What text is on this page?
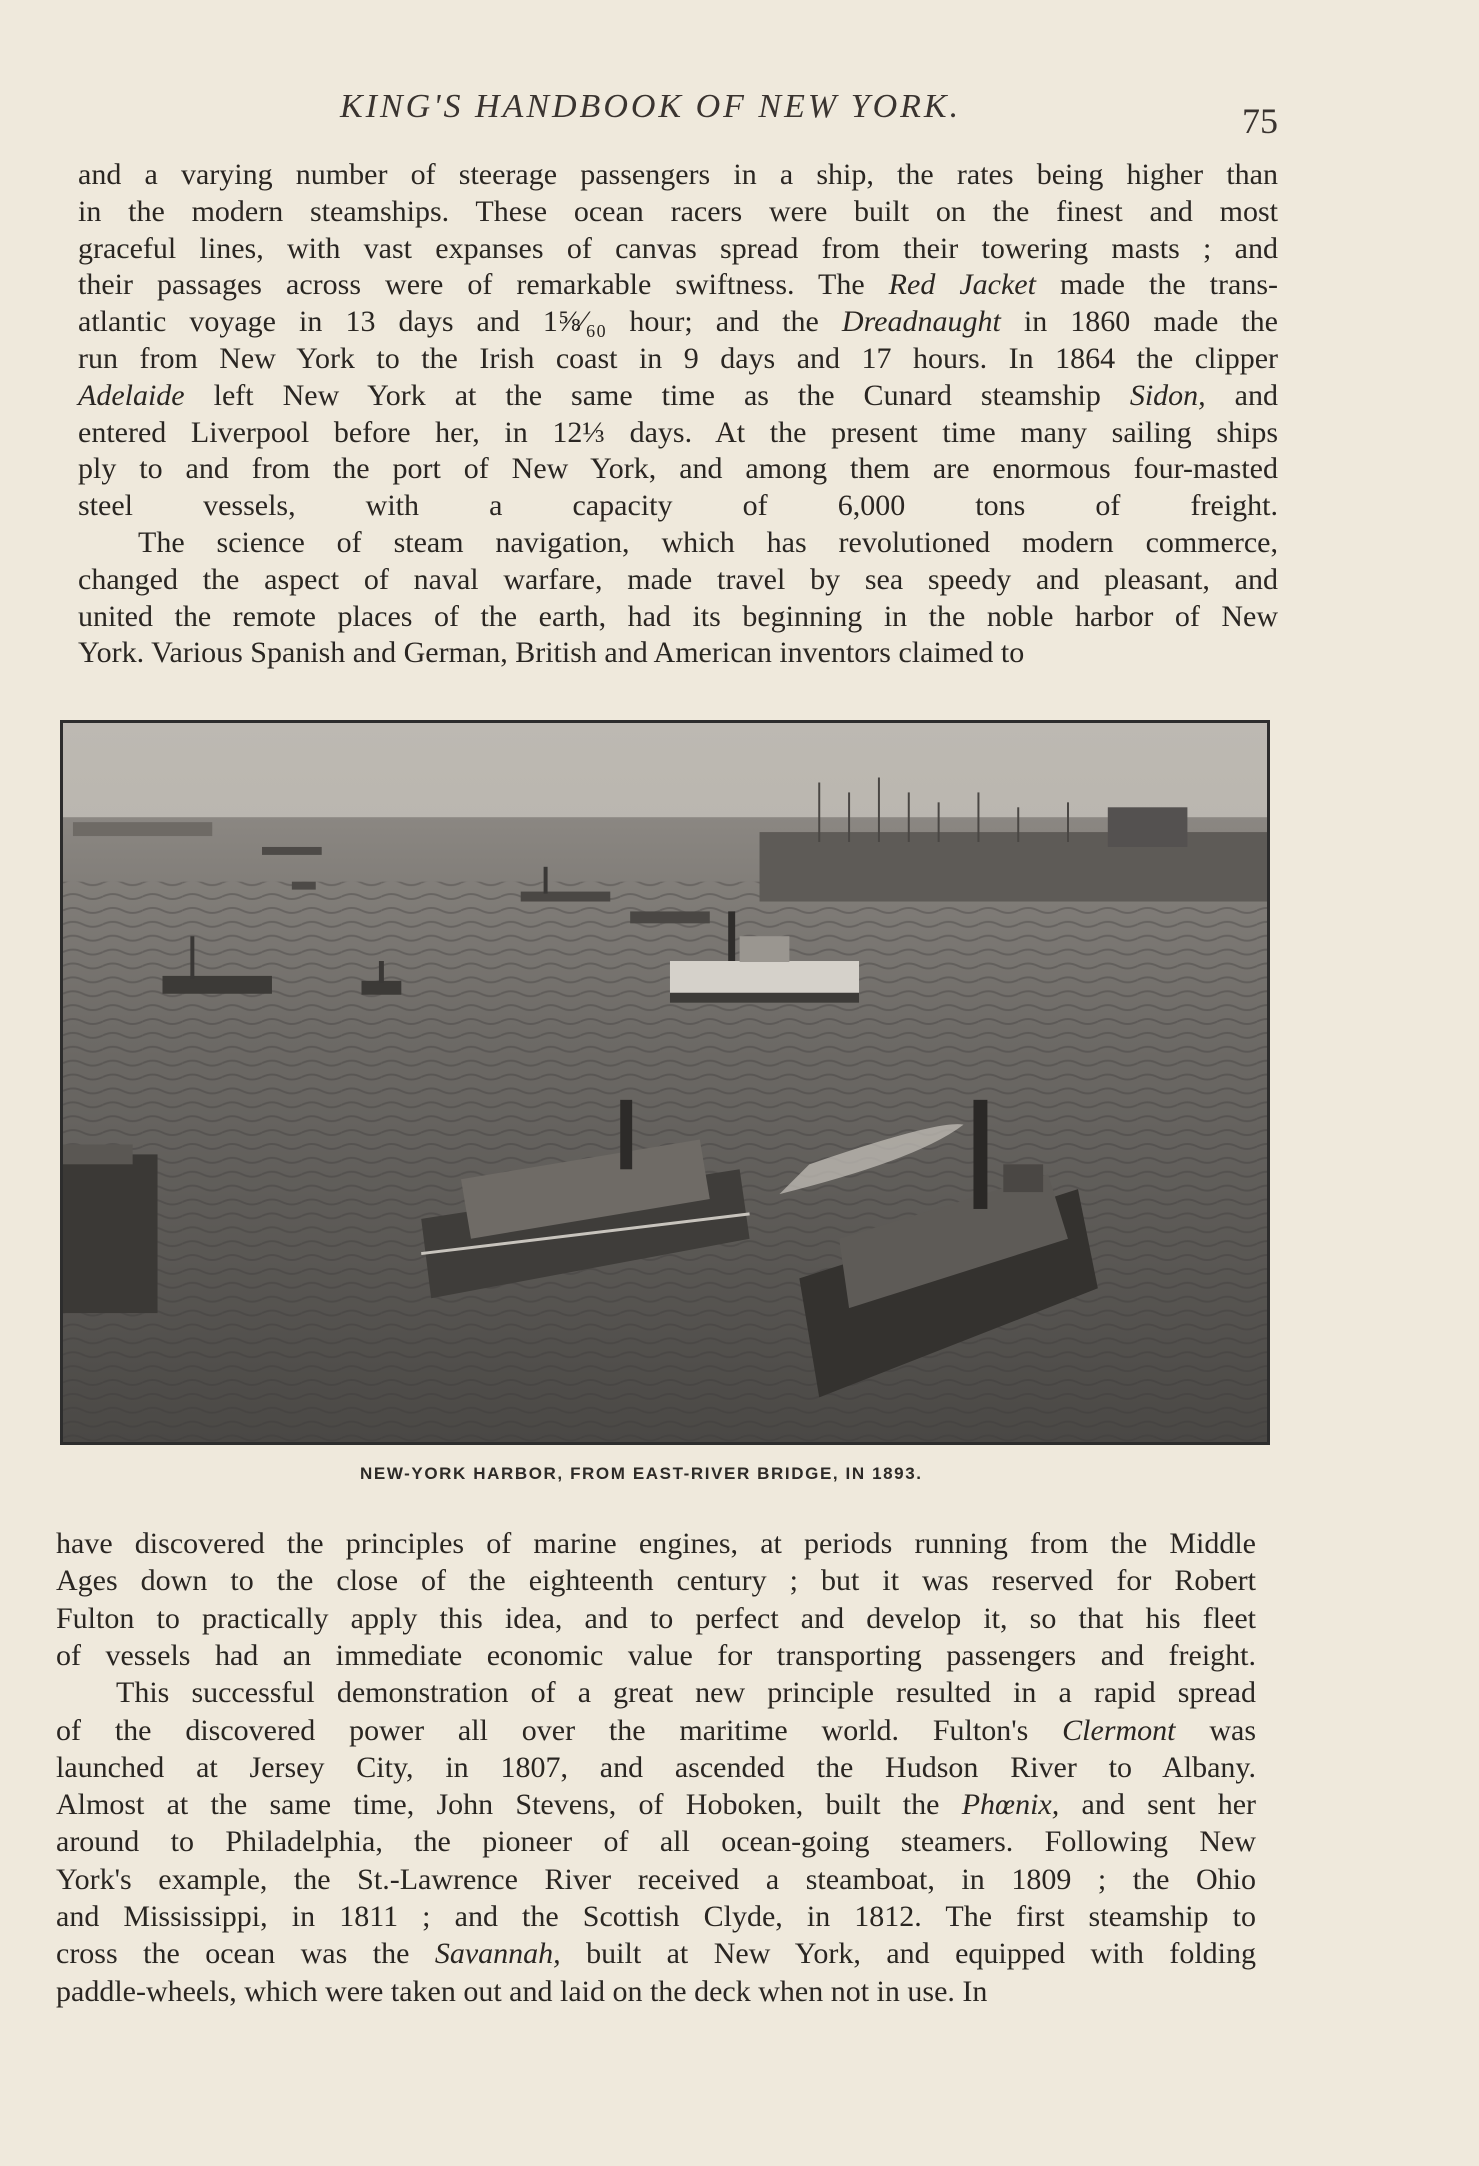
KING'S HANDBOOK OF NEW YORK.	75
and a varying number of steerage passengers in a ship, the rates being higher than
in the modern steamships. These ocean racers were built on the finest and most
graceful lines, with vast expanses of canvas spread from their towering masts ; and
their passages across were of remarkable swiftness. The Red Jacket made the trans-
atlantic voyage in 13 days and 1⅝⁄₆₀ hour; and the Dreadnaught in 1860 made the
run from New York to the Irish coast in 9 days and 17 hours. In 1864 the clipper
Adelaide left New York at the same time as the Cunard steamship Sidon, and
entered Liverpool before her, in 12⅓ days. At the present time many sailing ships
ply to and from the port of New York, and among them are enormous four-masted
steel vessels, with a capacity of 6,000 tons of freight.
  The science of steam navigation, which has revolutioned modern commerce,
changed the aspect of naval warfare, made travel by sea speedy and pleasant, and
united the remote places of the earth, had its beginning in the noble harbor of New
York. Various Spanish and German, British and American inventors claimed to
NEW-YORK HARBOR, FROM EAST-RIVER BRIDGE, IN 1893.
have discovered the principles of marine engines, at periods running from the Middle
Ages down to the close of the eighteenth century ; but it was reserved for Robert
Fulton to practically apply this idea, and to perfect and develop it, so that his fleet
of vessels had an immediate economic value for transporting passengers and freight.
  This successful demonstration of a great new principle resulted in a rapid spread
of the discovered power all over the maritime world. Fulton's Clermont was
launched at Jersey City, in 1807, and ascended the Hudson River to Albany.
Almost at the same time, John Stevens, of Hoboken, built the Phœnix, and sent her
around to Philadelphia, the pioneer of all ocean-going steamers. Following New
York's example, the St.-Lawrence River received a steamboat, in 1809 ; the Ohio
and Mississippi, in 1811 ; and the Scottish Clyde, in 1812. The first steamship to
cross the ocean was the Savannah, built at New York, and equipped with folding
paddle-wheels, which were taken out and laid on the deck when not in use. In
